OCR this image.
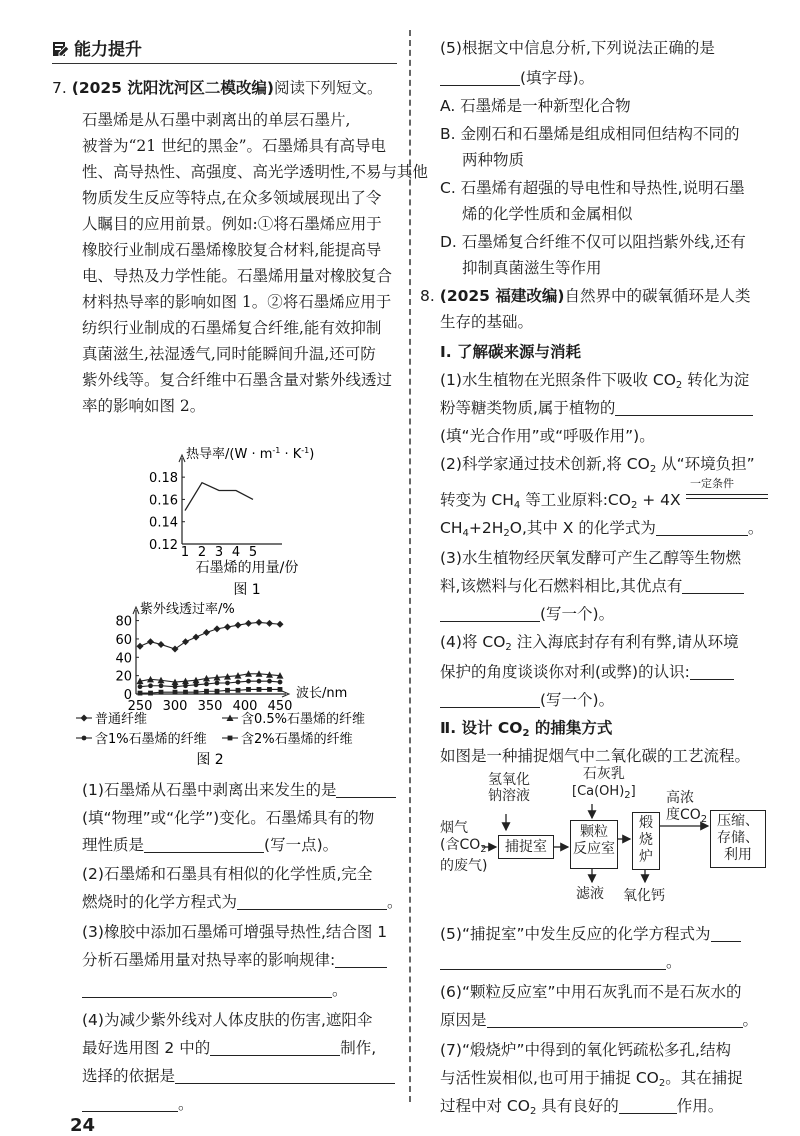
能力提升
7. (2025 沈阳沈河区二模改编)阅读下列短文。
石墨烯是从石墨中剥离出的单层石墨片,
被誉为“21 世纪的黑金”。石墨烯具有高导电
性、高导热性、高强度、高光学透明性,不易与其他
物质发生反应等特点,在众多领域展现出了令
人瞩目的应用前景。例如:①将石墨烯应用于
橡胶行业制成石墨烯橡胶复合材料,能提高导
电、导热及力学性能。石墨烯用量对橡胶复合
材料热导率的影响如图 1。②将石墨烯应用于
纺织行业制成的石墨烯复合纤维,能有效抑制
真菌滋生,祛湿透气,同时能瞬间升温,还可防
紫外线等。复合纤维中石墨含量对紫外线透过
率的影响如图 2。
热导率$/(W \cdot m^{-1} \cdot K^{-1})$
0.12
0.14
0.16
0.18
1 2 3 4 5
石墨烯的用量/份
图 1
紫外线透过率/%
波长/nm
0
20
40
60
80
250 300 350 400 450
普通纤维	含0.5%石墨烯的纤维
含1%石墨烯的纤维	含2%石墨烯的纤维
图 2
(1)石墨烯从石墨中剥离出来发生的是
(填“物理”或“化学”)变化。石墨烯具有的物
理性质是	(写一点)。
(2)石墨烯和石墨具有相似的化学性质,完全
燃烧时的化学方程式为	。
(3)橡胶中添加石墨烯可增强导热性,结合图 1
分析石墨烯用量对热导率的影响规律:
。
(4)为减少紫外线对人体皮肤的伤害,遮阳伞
最好选用图 2 中的	制作,
选择的依据是
。
24
(5)根据文中信息分析,下列说法正确的是
(填字母)。
A. 石墨烯是一种新型化合物
B. 金刚石和石墨烯是组成相同但结构不同的
两种物质
C. 石墨烯有超强的导电性和导热性,说明石墨
烯的化学性质和金属相似
D. 石墨烯复合纤维不仅可以阻挡紫外线,还有
抑制真菌滋生等作用
8. (2025 福建改编)自然界中的碳氧循环是人类
生存的基础。
Ⅰ. 了解碳来源与消耗
(1)水生植物在光照条件下吸收 $CO_2$ 转化为淀
粉等糖类物质,属于植物的
(填“光合作用”或“呼吸作用”)。
(2)科学家通过技术创新,将 $CO_2$ 从“环境负担”
转变为 $CH_4$ 等工业原料$:CO_2 + 4X$
一定条件
$CH_4+2H_2O$,其中 X 的化学式为	。
(3)水生植物经厌氧发酵可产生乙醇等生物燃
料,该燃料与化石燃料相比,其优点有
(写一个)。
(4)将 $CO_2$ 注入海底封存有利有弊,请从环境
保护的角度谈谈你对利(或弊)的认识:
(写一个)。
Ⅱ. 设计 $CO_2$ 的捕集方式
如图是一种捕捉烟气中二氧化碳的工艺流程。
氢氧化
钠溶液
石灰乳
$[Ca(OH)_2]$
烟气
(含$CO_2$
的废气)
捕捉室
颗粒
反应室
煅
烧
炉
高浓
度$CO_2$ 压缩、
存储、
利用
滤液 氧化钙
(5)“捕捉室”中发生反应的化学方程式为
。
(6)“颗粒反应室”中用石灰乳而不是石灰水的
原因是	。
(7)“煅烧炉”中得到的氧化钙疏松多孔,结构
与活性炭相似,也可用于捕捉 $CO_2$。其在捕捉
过程中对 $CO_2$ 具有良好的	作用。
